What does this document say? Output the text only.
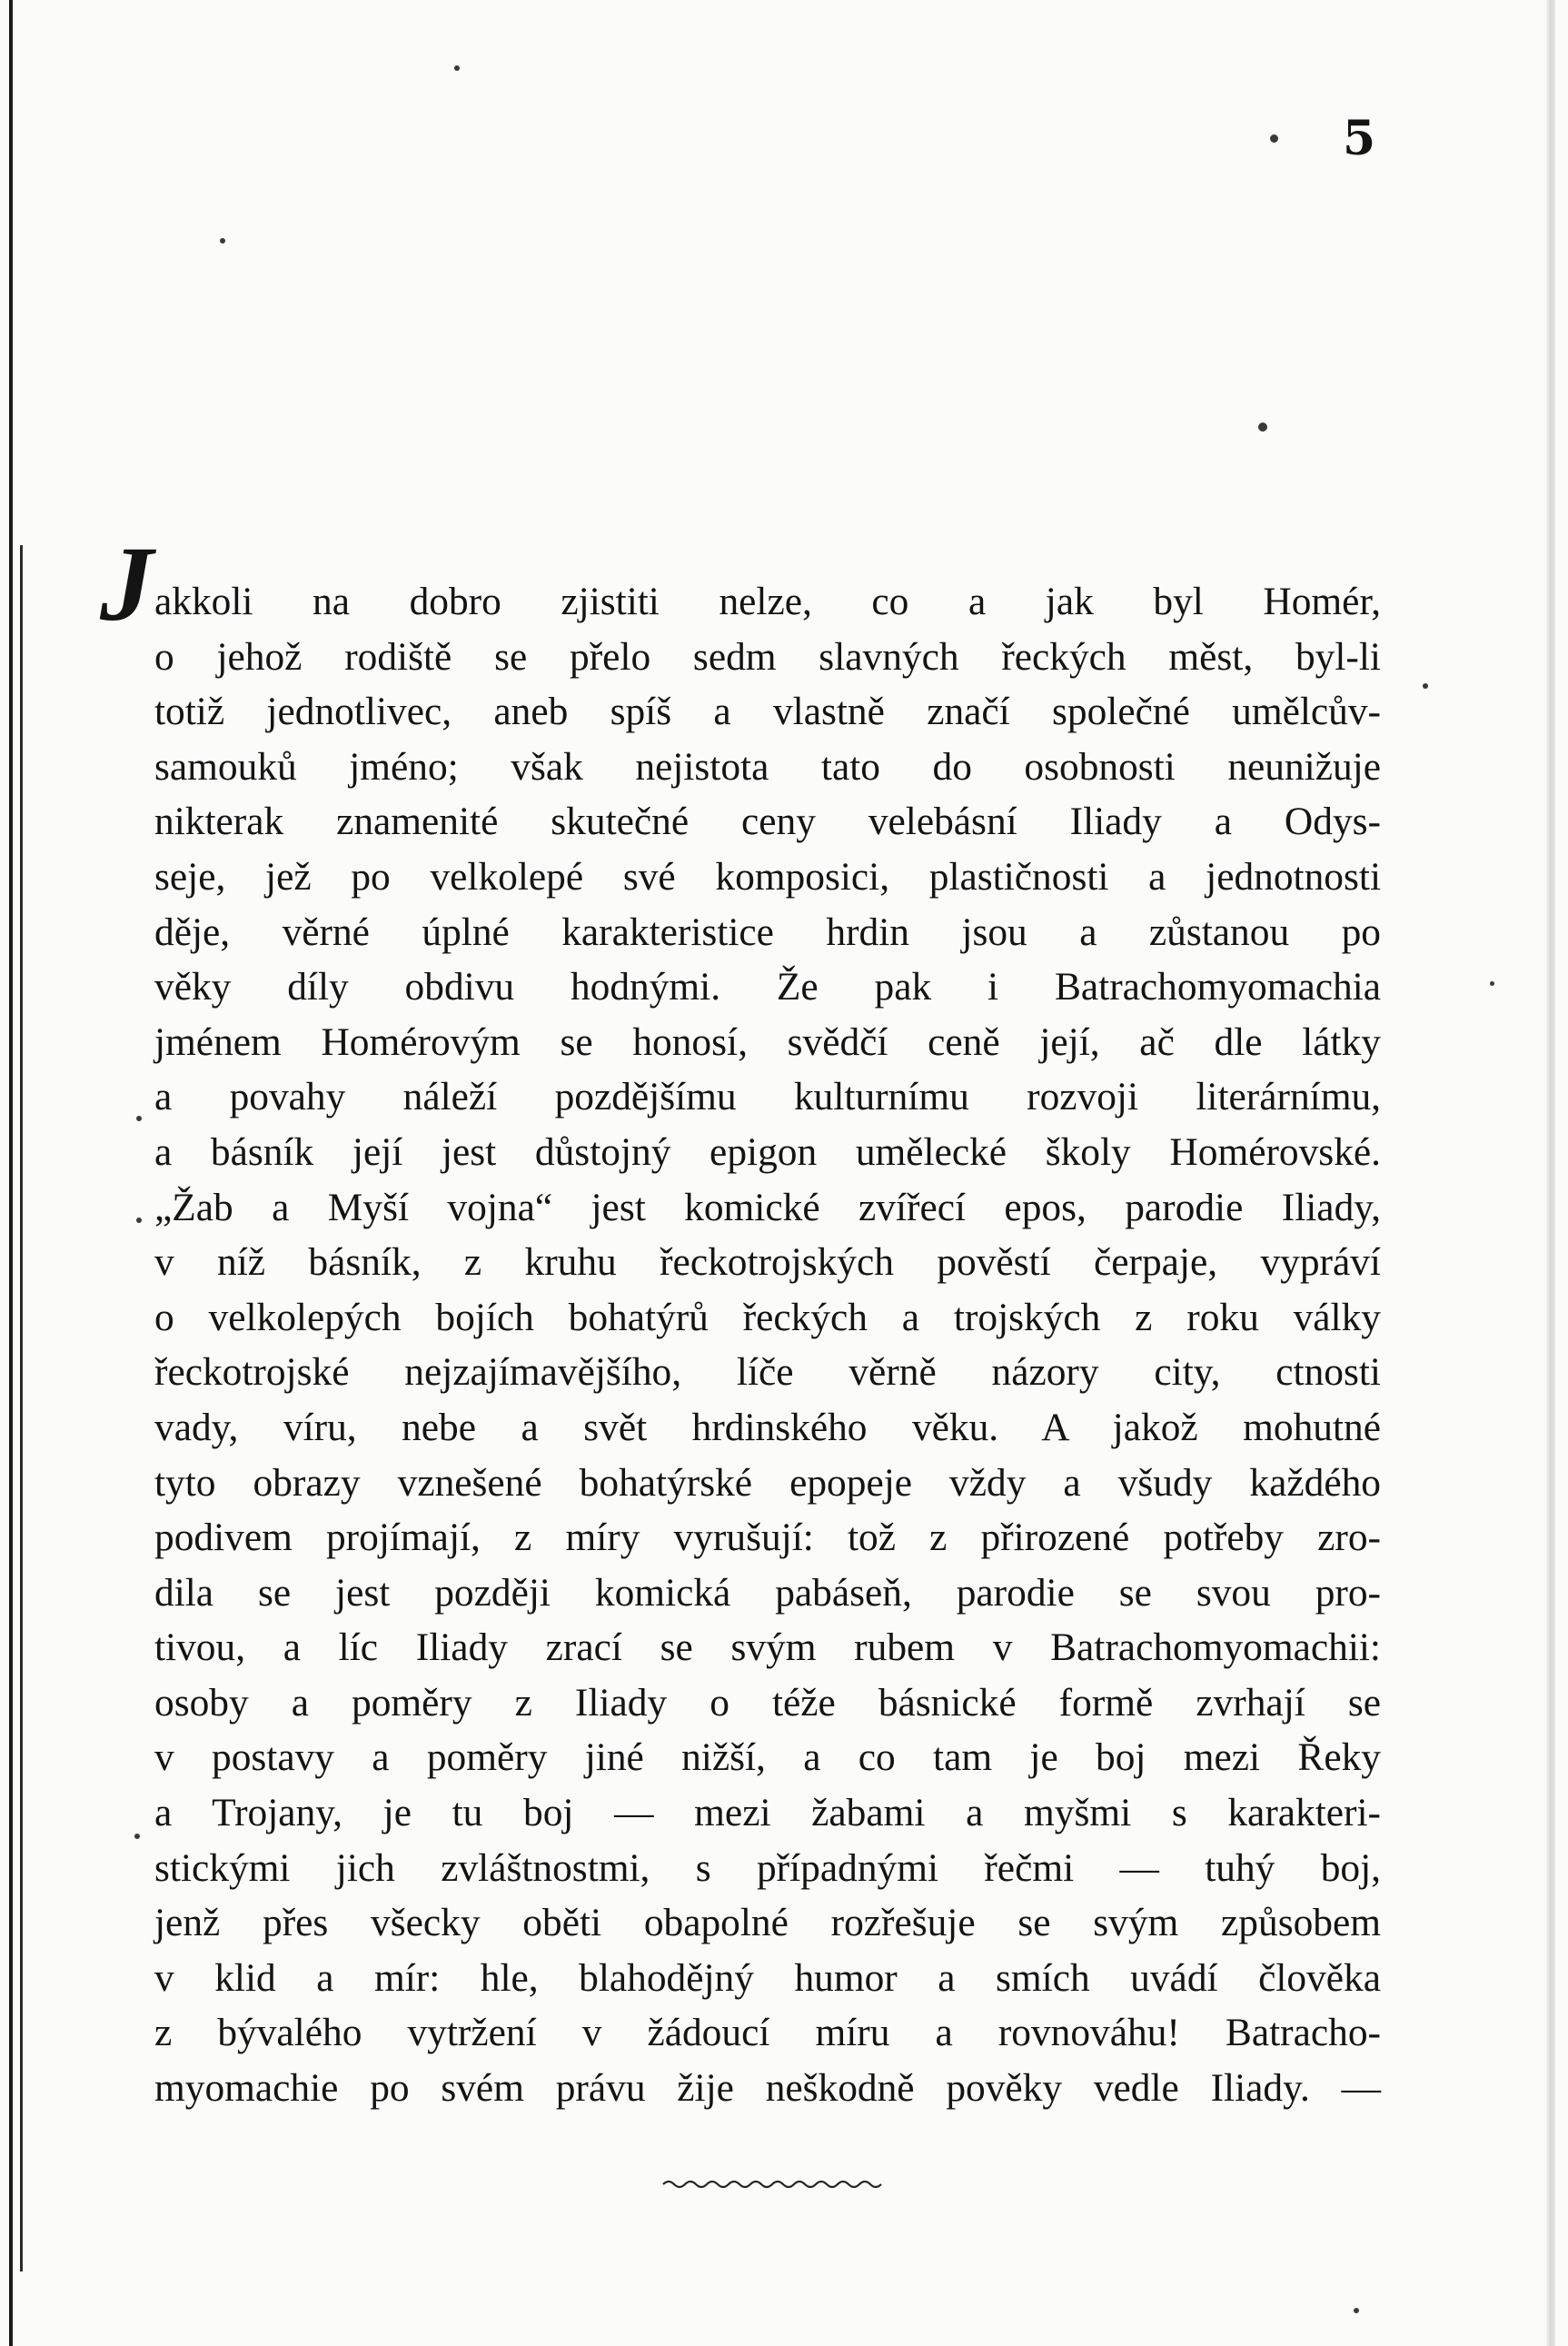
5
J akkoli na dobro zjistiti nelze, co a jak byl Homér,
o jehož rodiště se přelo sedm slavných řeckých měst, byl-li
totiž jednotlivec, aneb spíš a vlastně značí společné umělcův-
samouků jméno; však nejistota tato do osobnosti neunižuje
nikterak znamenité skutečné ceny velebásní Iliady a Odys-
seje, jež po velkolepé své komposici, plastičnosti a jednotnosti
děje, věrné úplné karakteristice hrdin jsou a zůstanou po
věky díly obdivu hodnými. Že pak i Batrachomyomachia
jménem Homérovým se honosí, svědčí ceně její, ač dle látky
a povahy náleží pozdějšímu kulturnímu rozvoji literárnímu,
a básník její jest důstojný epigon umělecké školy Homérovské.
„Žab a Myší vojna“ jest komické zvířecí epos, parodie Iliady,
v níž básník, z kruhu řeckotrojských pověstí čerpaje, vypráví
o velkolepých bojích bohatýrů řeckých a trojských z roku války
řeckotrojské nejzajímavějšího, líče věrně názory city, ctnosti
vady, víru, nebe a svět hrdinského věku. A jakož mohutné
tyto obrazy vznešené bohatýrské epopeje vždy a všudy každého
podivem projímají, z míry vyrušují: tož z přirozené potřeby zro-
dila se jest později komická pabáseň, parodie se svou pro-
tivou, a líc Iliady zrací se svým rubem v Batrachomyomachii:
osoby a poměry z Iliady o téže básnické formě zvrhají se
v postavy a poměry jiné nižší, a co tam je boj mezi Řeky
a Trojany, je tu boj — mezi žabami a myšmi s karakteri-
stickými jich zvláštnostmi, s případnými řečmi — tuhý boj,
jenž přes všecky oběti obapolné rozřešuje se svým způsobem
v klid a mír: hle, blahodějný humor a smích uvádí člověka
z bývalého vytržení v žádoucí míru a rovnováhu! Batracho-
myomachie po svém právu žije neškodně pověky vedle Iliady. —
